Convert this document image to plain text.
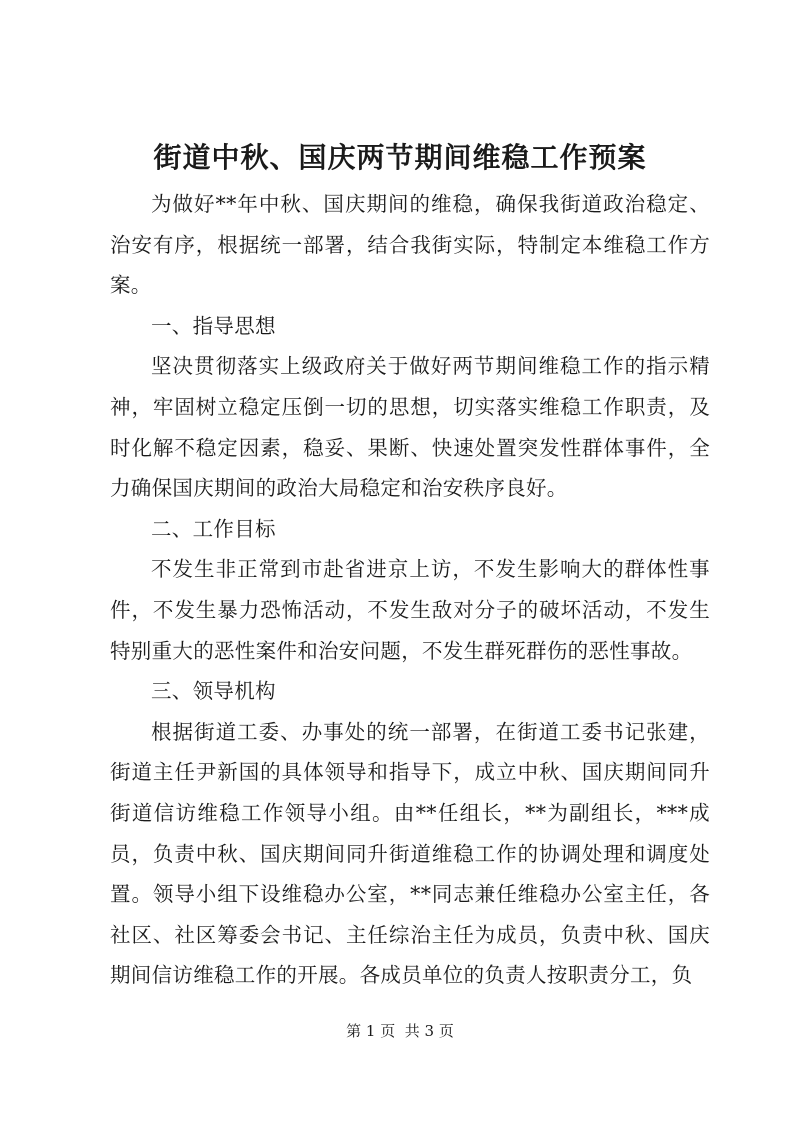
街道中秋、国庆两节期间维稳工作预案

为做好**年中秋、国庆期间的维稳，确保我街道政治稳定、治安有序，根据统一部署，结合我街实际，特制定本维稳工作方案。

一、指导思想

坚决贯彻落实上级政府关于做好两节期间维稳工作的指示精神，牢固树立稳定压倒一切的思想，切实落实维稳工作职责，及时化解不稳定因素，稳妥、果断、快速处置突发性群体事件，全力确保国庆期间的政治大局稳定和治安秩序良好。

二、工作目标

不发生非正常到市赴省进京上访，不发生影响大的群体性事件，不发生暴力恐怖活动，不发生敌对分子的破坏活动，不发生特别重大的恶性案件和治安问题，不发生群死群伤的恶性事故。

三、领导机构

根据街道工委、办事处的统一部署，在街道工委书记张建，街道主任尹新国的具体领导和指导下，成立中秋、国庆期间同升街道信访维稳工作领导小组。由**任组长，**为副组长，***成员，负责中秋、国庆期间同升街道维稳工作的协调处理和调度处置。领导小组下设维稳办公室，**同志兼任维稳办公室主任，各社区、社区筹委会书记、主任综治主任为成员，负责中秋、国庆期间信访维稳工作的开展。各成员单位的负责人按职责分工，负

第 1 页  共 3 页
